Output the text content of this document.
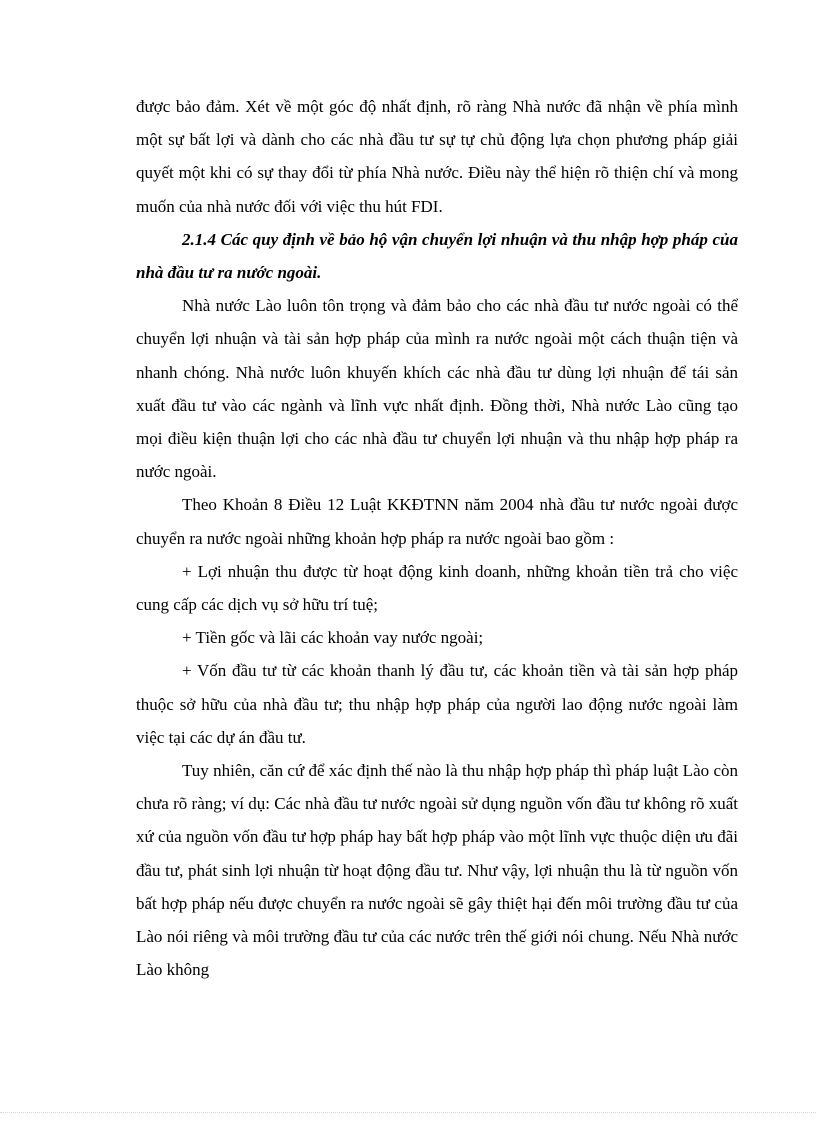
được bảo đảm. Xét về một góc độ nhất định, rõ ràng Nhà nước đã nhận về phía mình một sự bất lợi và dành cho các nhà đầu tư sự tự chủ động lựa chọn phương pháp giải quyết một khi có sự thay đổi từ phía Nhà nước. Điều này thể hiện rõ thiện chí và mong muốn của nhà nước đối với việc thu hút FDI.

2.1.4 Các quy định về bảo hộ vận chuyển lợi nhuận và thu nhập hợp pháp của nhà đầu tư ra nước ngoài.

Nhà nước Lào luôn tôn trọng và đảm bảo cho các nhà đầu tư nước ngoài có thể chuyển lợi nhuận và tài sản hợp pháp của mình ra nước ngoài một cách thuận tiện và nhanh chóng. Nhà nước luôn khuyến khích các nhà đầu tư dùng lợi nhuận để tái sản xuất đầu tư vào các ngành và lĩnh vực nhất định. Đồng thời, Nhà nước Lào cũng tạo mọi điều kiện thuận lợi cho các nhà đầu tư chuyển lợi nhuận và thu nhập hợp pháp ra nước ngoài.

Theo Khoản 8 Điều 12 Luật KKĐTNN năm 2004 nhà đầu tư nước ngoài được chuyển ra nước ngoài những khoản hợp pháp ra nước ngoài bao gồm :

+ Lợi nhuận thu được từ hoạt động kinh doanh, những khoản tiền trả cho việc cung cấp các dịch vụ sở hữu trí tuệ;

+ Tiền gốc và lãi các khoản vay nước ngoài;

+ Vốn đầu tư từ các khoản thanh lý đầu tư, các khoản tiền và tài sản hợp pháp thuộc sở hữu của nhà đầu tư; thu nhập hợp pháp của người lao động nước ngoài làm việc tại các dự án đầu tư.

Tuy nhiên, căn cứ để xác định thế nào là thu nhập hợp pháp thì pháp luật Lào còn chưa rõ ràng; ví dụ: Các nhà đầu tư nước ngoài sử dụng nguồn vốn đầu tư không rõ xuất xứ của nguồn vốn đầu tư hợp pháp hay bất hợp pháp vào một lĩnh vực thuộc diện ưu đãi đầu tư, phát sinh lợi nhuận từ hoạt động đầu tư. Như vậy, lợi nhuận thu là từ nguồn vốn bất hợp pháp nếu được chuyển ra nước ngoài sẽ gây thiệt hại đến môi trường đầu tư của Lào nói riêng và môi trường đầu tư của các nước trên thế giới nói chung. Nếu Nhà nước Lào không
